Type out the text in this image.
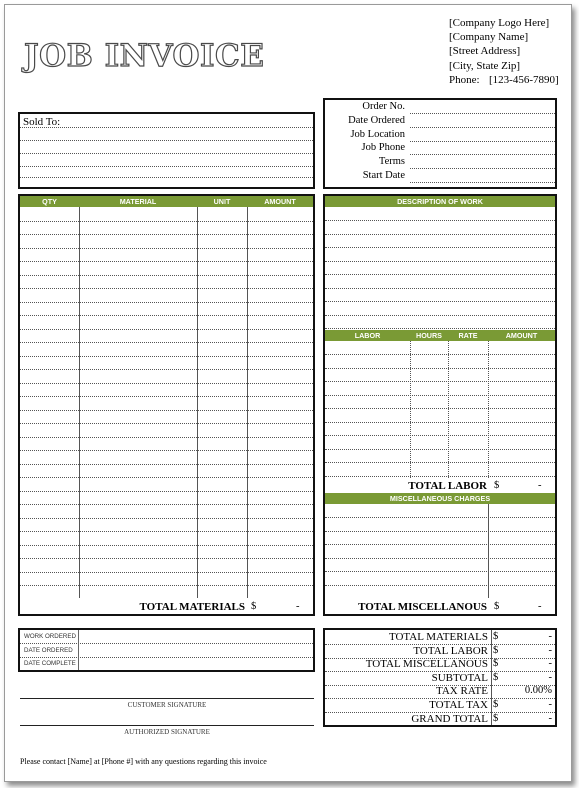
JOB INVOICE
[Company Logo Here]
[Company Name]
[Street Address]
[City, State Zip]
Phone: [123-456-7890]
Sold To:
Order No.
Date Ordered
Job Location
Job Phone
Terms
Start Date
QTY	MATERIAL	UNIT	AMOUNT
TOTAL MATERIALS $	-
DESCRIPTION OF WORK
LABOR	HOURS	RATE	AMOUNT
TOTAL LABOR $	-
MISCELLANEOUS CHARGES
TOTAL MISCELLANOUS $	-
WORK ORDERED
DATE ORDERED
DATE COMPLETE
CUSTOMER SIGNATURE
AUTHORIZED SIGNATURE
TOTAL MATERIALS $	-
TOTAL LABOR $	-
TOTAL MISCELLANOUS $	-
SUBTOTAL $	-
TAX RATE	0.00%
TOTAL TAX $	-
GRAND TOTAL $	-
Please contact [Name] at [Phone #] with any questions regarding this invoice
